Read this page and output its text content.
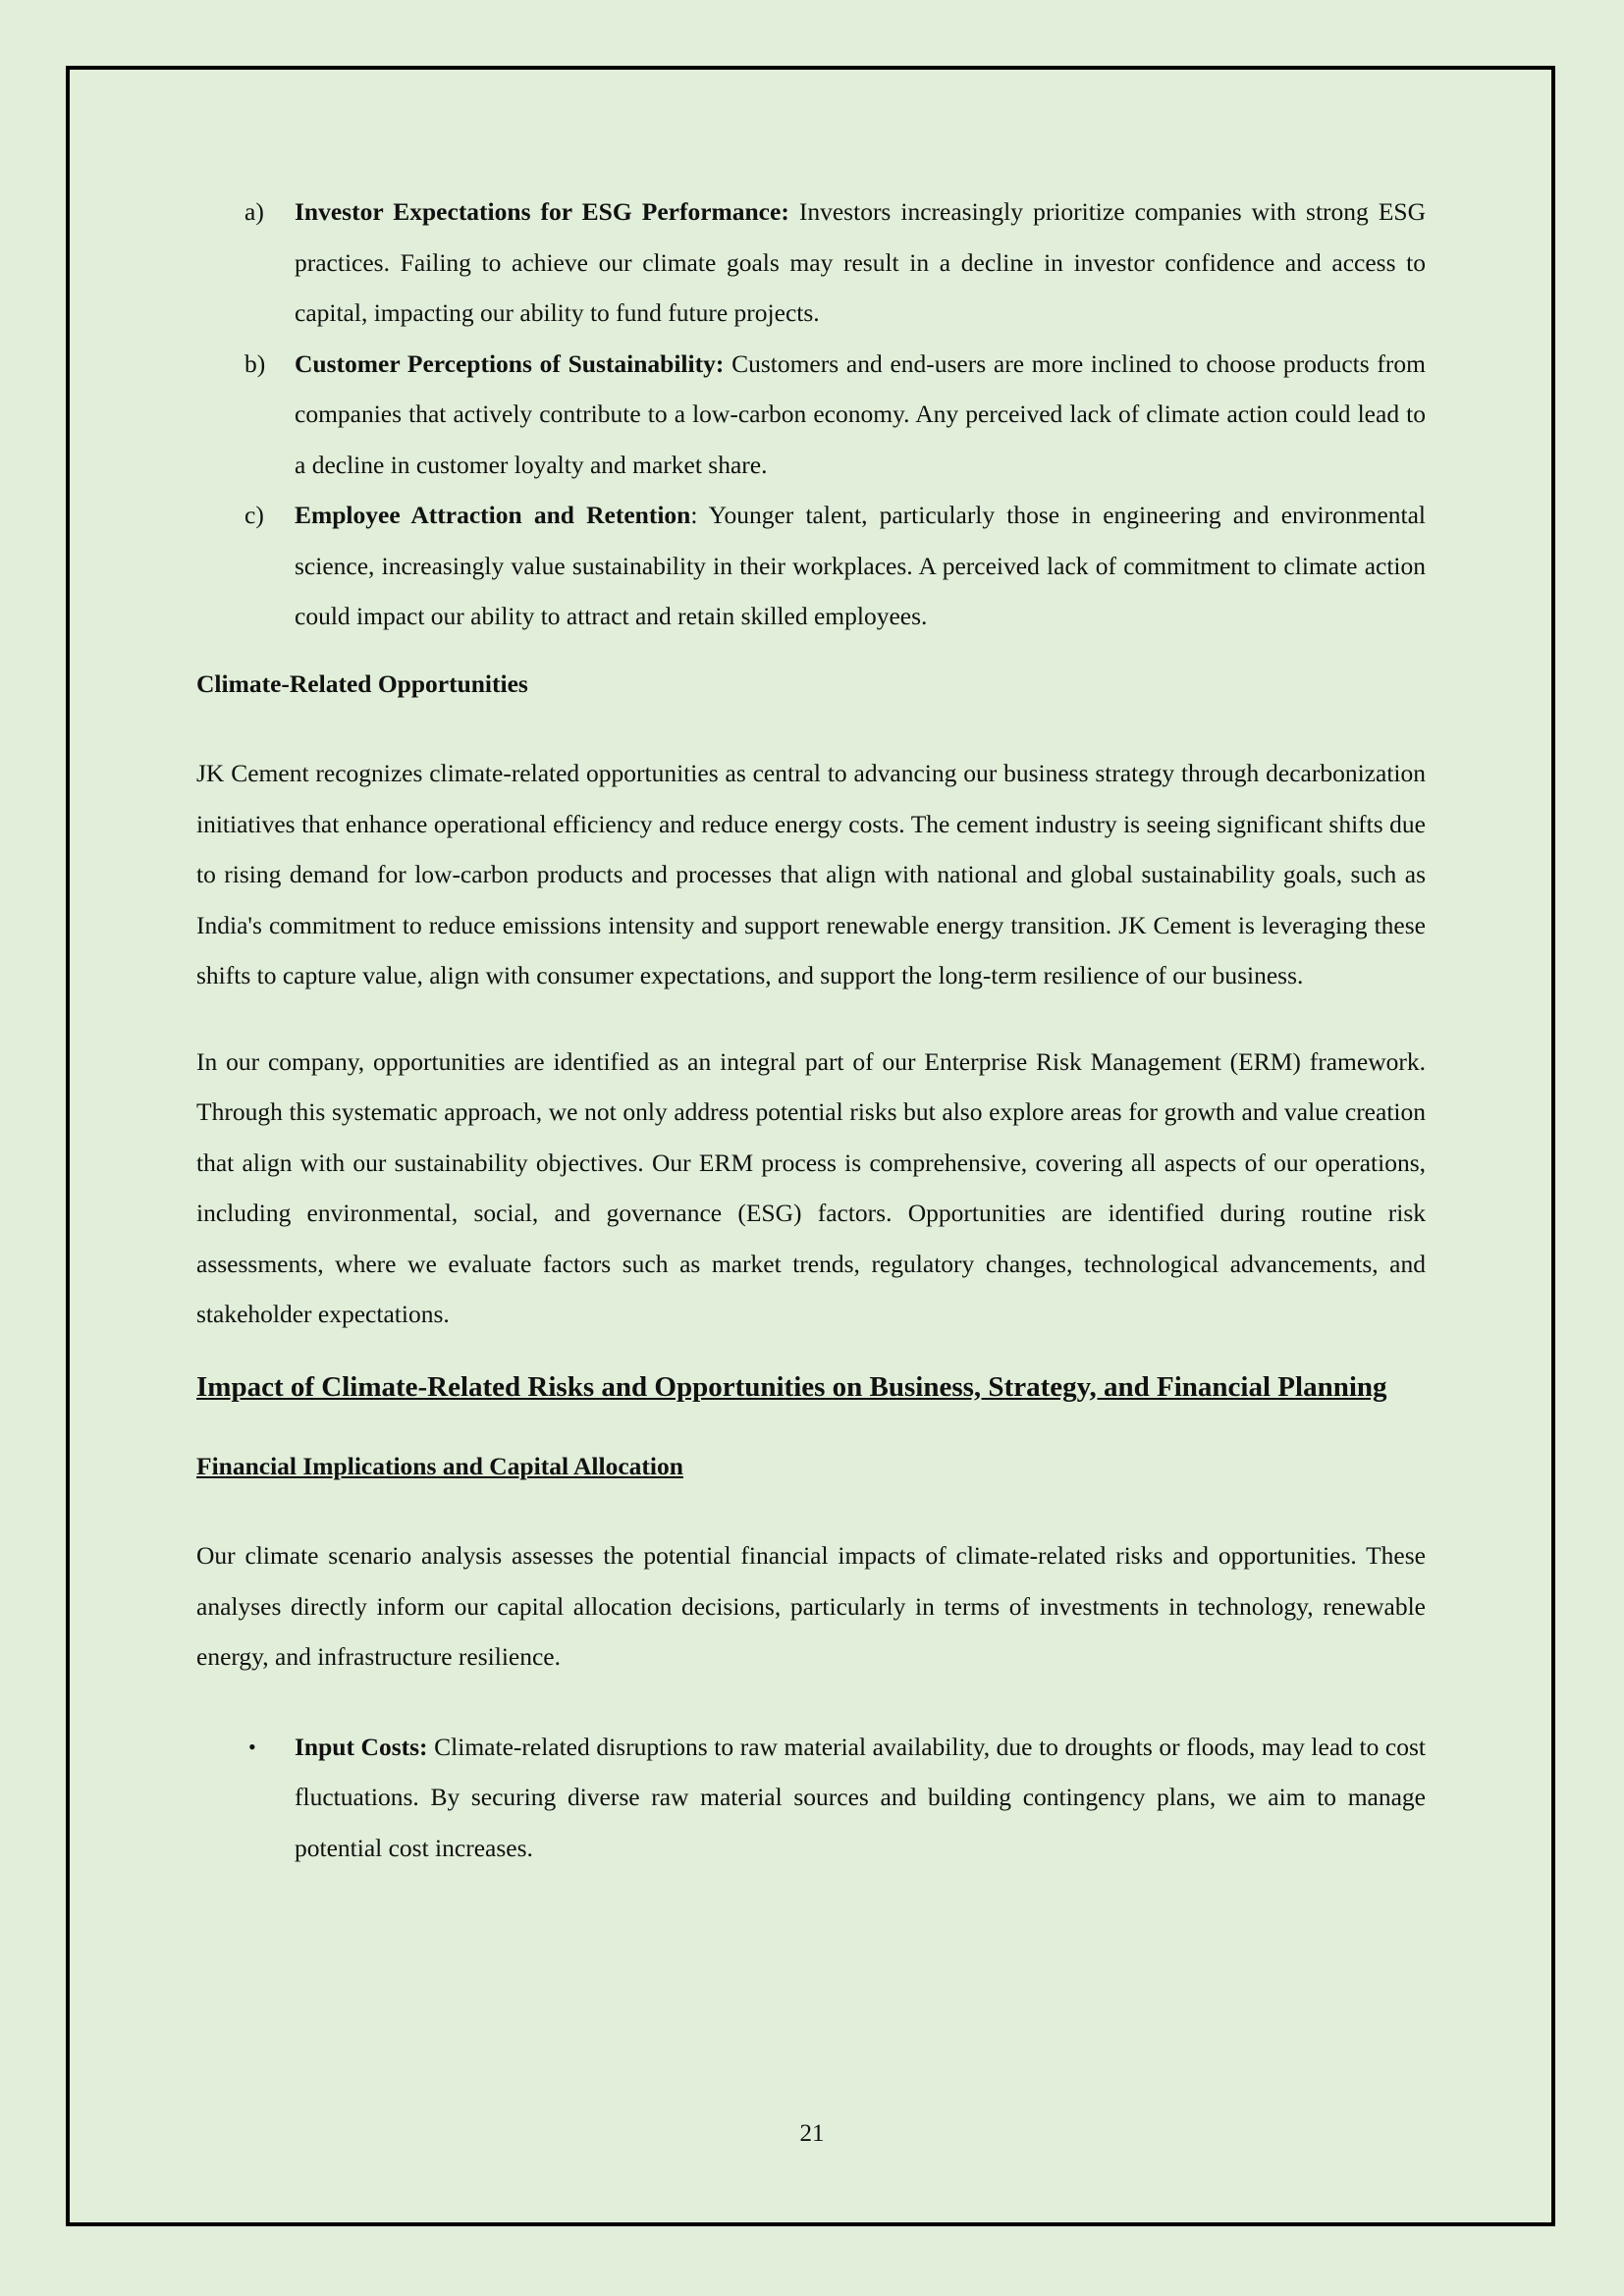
a) Investor Expectations for ESG Performance: Investors increasingly prioritize companies with strong ESG practices. Failing to achieve our climate goals may result in a decline in investor confidence and access to capital, impacting our ability to fund future projects.
b) Customer Perceptions of Sustainability: Customers and end-users are more inclined to choose products from companies that actively contribute to a low-carbon economy. Any perceived lack of climate action could lead to a decline in customer loyalty and market share.
c) Employee Attraction and Retention: Younger talent, particularly those in engineering and environmental science, increasingly value sustainability in their workplaces. A perceived lack of commitment to climate action could impact our ability to attract and retain skilled employees.
Climate-Related Opportunities

JK Cement recognizes climate-related opportunities as central to advancing our business strategy through decarbonization initiatives that enhance operational efficiency and reduce energy costs. The cement industry is seeing significant shifts due to rising demand for low-carbon products and processes that align with national and global sustainability goals, such as India's commitment to reduce emissions intensity and support renewable energy transition. JK Cement is leveraging these shifts to capture value, align with consumer expectations, and support the long-term resilience of our business.

In our company, opportunities are identified as an integral part of our Enterprise Risk Management (ERM) framework. Through this systematic approach, we not only address potential risks but also explore areas for growth and value creation that align with our sustainability objectives. Our ERM process is comprehensive, covering all aspects of our operations, including environmental, social, and governance (ESG) factors. Opportunities are identified during routine risk assessments, where we evaluate factors such as market trends, regulatory changes, technological advancements, and stakeholder expectations.

Impact of Climate-Related Risks and Opportunities on Business, Strategy, and Financial Planning
Financial Implications and Capital Allocation

Our climate scenario analysis assesses the potential financial impacts of climate-related risks and opportunities. These analyses directly inform our capital allocation decisions, particularly in terms of investments in technology, renewable energy, and infrastructure resilience.

• Input Costs: Climate-related disruptions to raw material availability, due to droughts or floods, may lead to cost fluctuations. By securing diverse raw material sources and building contingency plans, we aim to manage potential cost increases.
21
